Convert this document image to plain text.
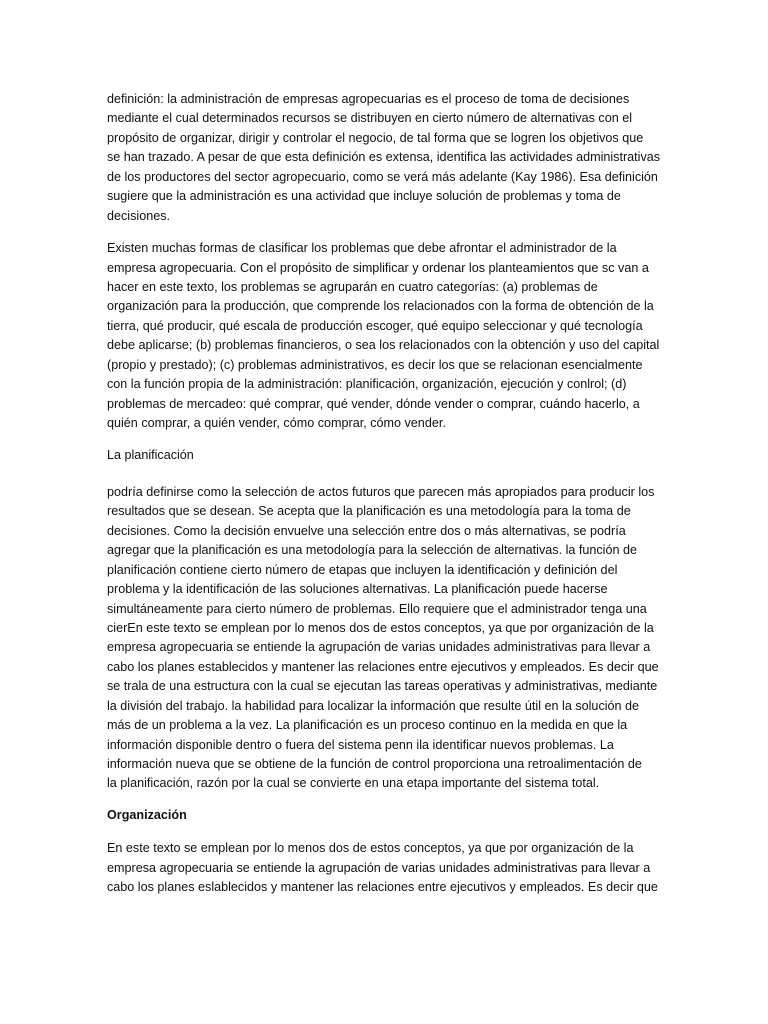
definición: la administración de empresas agropecuarias es el proceso de toma de decisiones
mediante el cual determinados recursos se distribuyen en cierto número de alternativas con el
propósito de organizar, dirigir y controlar el negocio, de tal forma que se logren los objetivos que
se han trazado. A pesar de que esta definición es extensa, identifica las actividades administrativas
de los productores del sector agropecuario, como se verá más adelante (Kay 1986). Esa definición
sugiere que la administración es una actividad que incluye solución de problemas y toma de
decisiones.

Existen muchas formas de clasificar los problemas que debe afrontar el administrador de la
empresa agropecuaria. Con el propósito de simplificar y ordenar los planteamientos que sc van a
hacer en este texto, los problemas se agruparán en cuatro categorías: (a) problemas de
organización para la producción, que comprende los relacionados con la forma de obtención de la
tierra, qué producir, qué escala de producción escoger, qué equipo seleccionar y qué tecnología
debe aplicarse; (b) problemas financieros, o sea los relacionados con la obtención y uso del capital
(propio y prestado); (c) problemas administrativos, es decir los que se relacionan esencialmente
con la función propia de la administración: planificación, organización, ejecución y conlrol; (d)
problemas de mercadeo: qué comprar, qué vender, dónde vender o comprar, cuándo hacerlo, a
quién comprar, a quién vender, cómo comprar, cómo vender.

La planificación

podría definirse como la selección de actos futuros que parecen más apropiados para producir los
resultados que se desean. Se acepta que la planificación es una metodología para la toma de
decisiones. Como la decisión envuelve una selección entre dos o más alternativas, se podría
agregar que la planificación es una metodología para la selección de alternativas. la función de
planificación contiene cierto número de etapas que incluyen la identificación y definición del
problema y la identificación de las soluciones alternativas. La planificación puede hacerse
simultáneamente para cierto número de problemas. Ello requiere que el administrador tenga una
cierEn este texto se emplean por lo menos dos de estos conceptos, ya que por organización de la
empresa agropecuaria se entiende la agrupación de varias unidades administrativas para llevar a
cabo los planes establecidos y mantener las relaciones entre ejecutivos y empleados. Es decir que
se trala de una estructura con la cual se ejecutan las tareas operativas y administrativas, mediante
la división del trabajo. la habilidad para localizar la información que resulte útil en la solución de
más de un problema a la vez. La planificación es un proceso continuo en la medida en que la
información disponible dentro o fuera del sistema penn ila identificar nuevos problemas. La
información nueva que se obtiene de la función de control proporciona una retroalimentación de
la planificación, razón por la cual se convierte en una etapa importante del sistema total.

Organización

En este texto se emplean por lo menos dos de estos conceptos, ya que por organización de la
empresa agropecuaria se entiende la agrupación de varias unidades administrativas para llevar a
cabo los planes eslablecidos y mantener las relaciones entre ejecutivos y empleados. Es decir que
